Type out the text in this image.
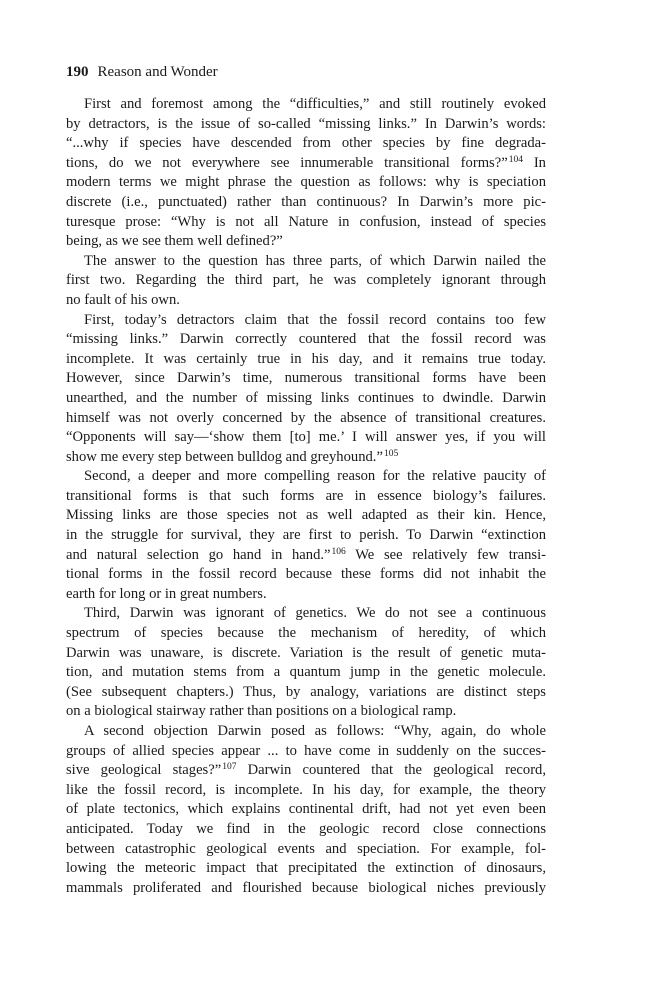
190 Reason and Wonder
First and foremost among the “difficulties,” and still routinely evoked
by detractors, is the issue of so-called “missing links.” In Darwin’s words:
“...why if species have descended from other species by fine degrada-
tions, do we not everywhere see innumerable transitional forms?”$^{104}$ In
modern terms we might phrase the question as follows: why is speciation
discrete (i.e., punctuated) rather than continuous? In Darwin’s more pic-
turesque prose: “Why is not all Nature in confusion, instead of species
being, as we see them well defined?”
The answer to the question has three parts, of which Darwin nailed the
first two. Regarding the third part, he was completely ignorant through
no fault of his own.
First, today’s detractors claim that the fossil record contains too few
“missing links.” Darwin correctly countered that the fossil record was
incomplete. It was certainly true in his day, and it remains true today.
However, since Darwin’s time, numerous transitional forms have been
unearthed, and the number of missing links continues to dwindle. Darwin
himself was not overly concerned by the absence of transitional creatures.
“Opponents will say—‘show them [to] me.’ I will answer yes, if you will
show me every step between bulldog and greyhound.”$^{105}$
Second, a deeper and more compelling reason for the relative paucity of
transitional forms is that such forms are in essence biology’s failures.
Missing links are those species not as well adapted as their kin. Hence,
in the struggle for survival, they are first to perish. To Darwin “extinction
and natural selection go hand in hand.”$^{106}$ We see relatively few transi-
tional forms in the fossil record because these forms did not inhabit the
earth for long or in great numbers.
Third, Darwin was ignorant of genetics. We do not see a continuous
spectrum of species because the mechanism of heredity, of which
Darwin was unaware, is discrete. Variation is the result of genetic muta-
tion, and mutation stems from a quantum jump in the genetic molecule.
(See subsequent chapters.) Thus, by analogy, variations are distinct steps
on a biological stairway rather than positions on a biological ramp.
A second objection Darwin posed as follows: “Why, again, do whole
groups of allied species appear ... to have come in suddenly on the succes-
sive geological stages?”$^{107}$ Darwin countered that the geological record,
like the fossil record, is incomplete. In his day, for example, the theory
of plate tectonics, which explains continental drift, had not yet even been
anticipated. Today we find in the geologic record close connections
between catastrophic geological events and speciation. For example, fol-
lowing the meteoric impact that precipitated the extinction of dinosaurs,
mammals proliferated and flourished because biological niches previously
